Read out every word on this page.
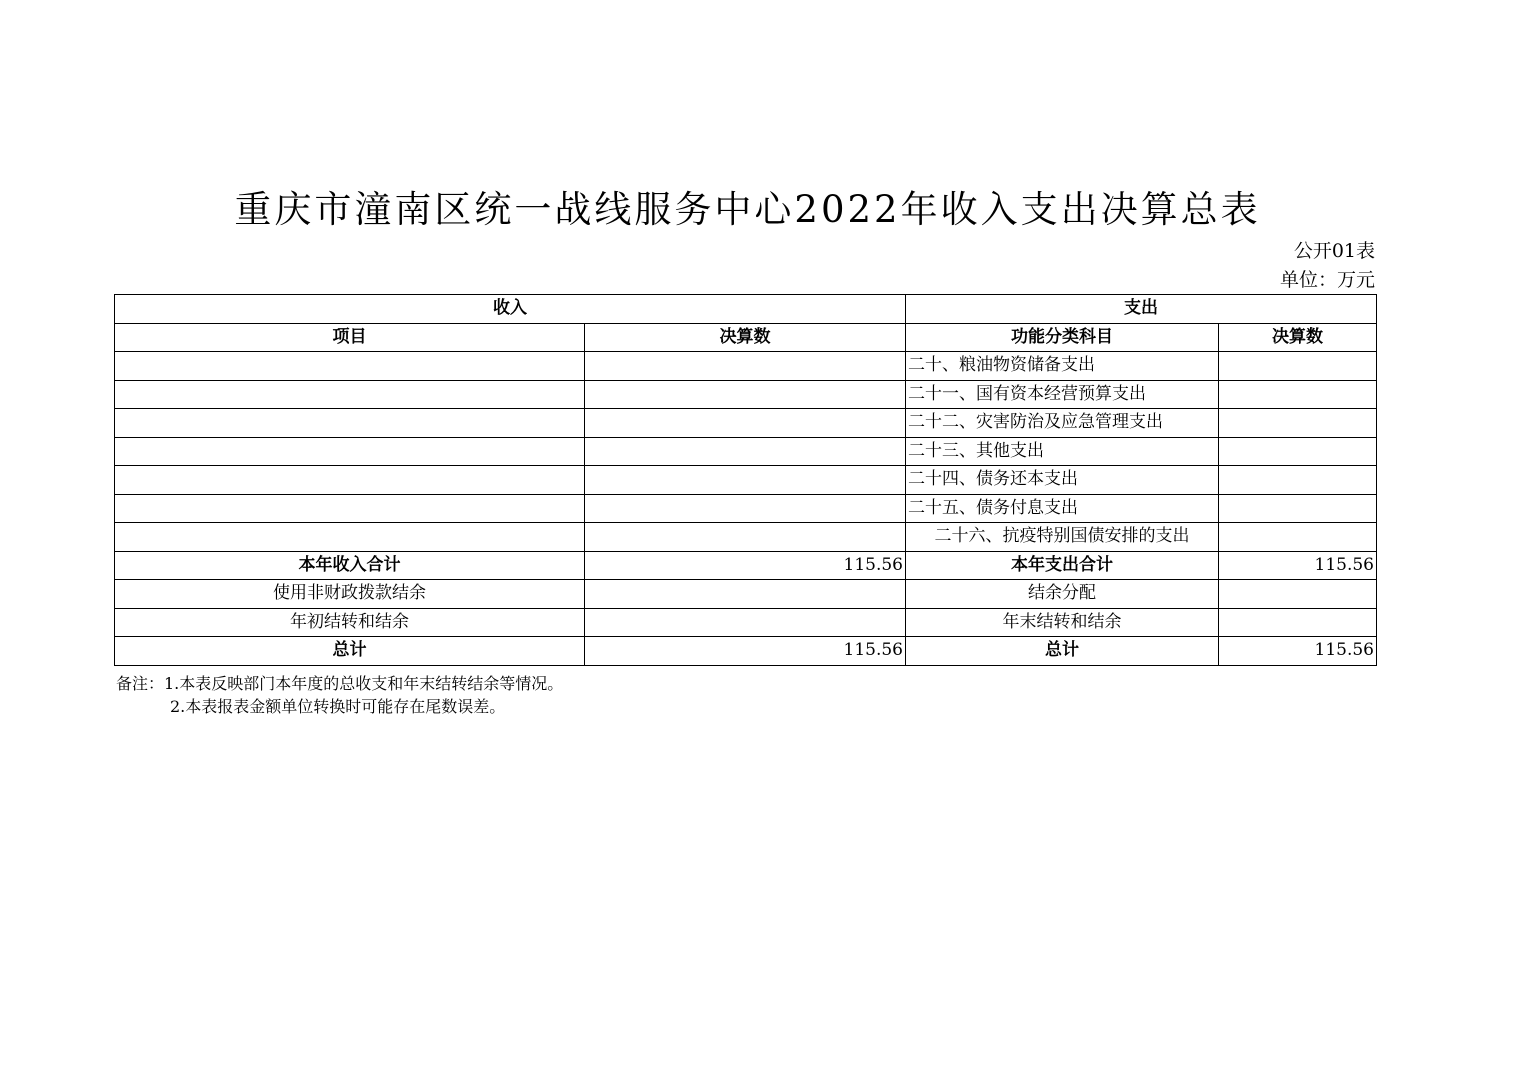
重庆市潼南区统一战线服务中心2022年收入支出决算总表
公开01表
单位：万元
收入		支出	
项目	决算数	功能分类科目	决算数
		二十、粮油物资储备支出	
		二十一、国有资本经营预算支出	
		二十二、灾害防治及应急管理支出	
		二十三、其他支出	
		二十四、债务还本支出	
		二十五、债务付息支出	
		二十六、抗疫特别国债安排的支出	
本年收入合计	115.56	本年支出合计	115.56
使用非财政拨款结余		结余分配	
年初结转和结余		年末结转和结余	
总计	115.56	总计	115.56
备注：1.本表反映部门本年度的总收支和年末结转结余等情况。
2.本表报表金额单位转换时可能存在尾数误差。
